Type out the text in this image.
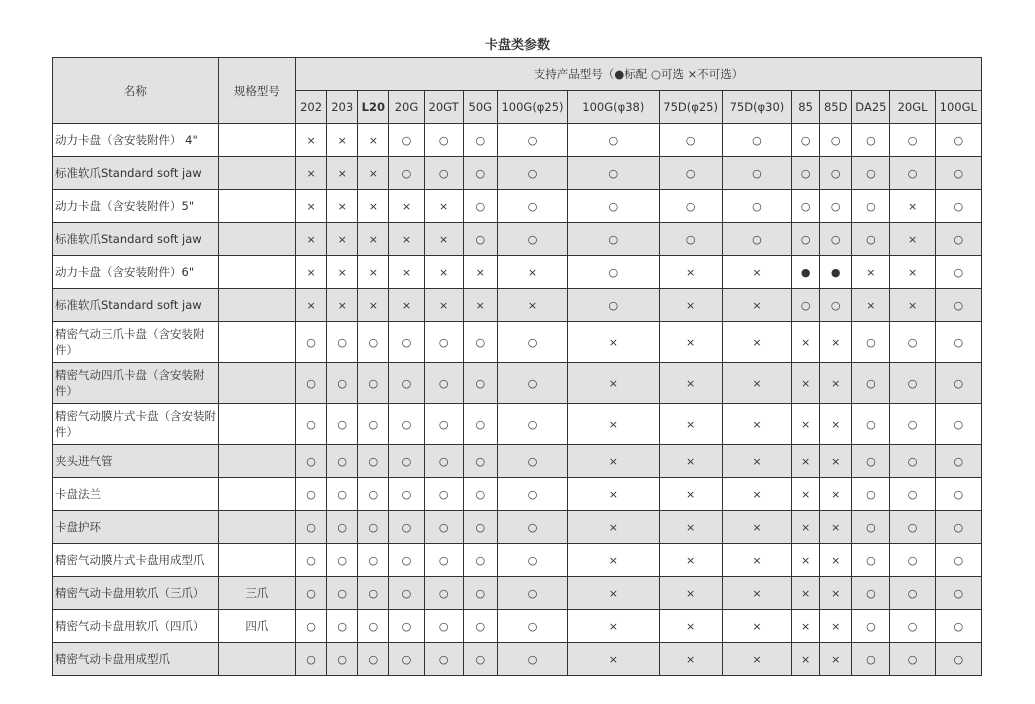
卡盘类参数
名称	规格型号	支持产品型号（●标配 ○可选 ×不可选）														
		202	203	L20	20G	20GT	50G	100G(φ25)	100G(φ38)	75D(φ25)	75D(φ30)	85	85D	DA25	20GL	100GL
动力卡盘（含安装附件） 4"		×	×	×	○	○	○	○	○	○	○	○	○	○	○	○
标准软爪Standard soft jaw		×	×	×	○	○	○	○	○	○	○	○	○	○	○	○
动力卡盘（含安装附件）5"		×	×	×	×	×	○	○	○	○	○	○	○	○	×	○
标准软爪Standard soft jaw		×	×	×	×	×	○	○	○	○	○	○	○	○	×	○
动力卡盘（含安装附件）6"		×	×	×	×	×	×	×	○	×	×	●	●	×	×	○
标准软爪Standard soft jaw		×	×	×	×	×	×	×	○	×	×	○	○	×	×	○
精密气动三爪卡盘（含安装附件）		○	○	○	○	○	○	○	×	×	×	×	×	○	○	○
精密气动四爪卡盘（含安装附件）		○	○	○	○	○	○	○	×	×	×	×	×	○	○	○
精密气动膜片式卡盘（含安装附件）		○	○	○	○	○	○	○	×	×	×	×	×	○	○	○
夹头进气管		○	○	○	○	○	○	○	×	×	×	×	×	○	○	○
卡盘法兰		○	○	○	○	○	○	○	×	×	×	×	×	○	○	○
卡盘护环		○	○	○	○	○	○	○	×	×	×	×	×	○	○	○
精密气动膜片式卡盘用成型爪		○	○	○	○	○	○	○	×	×	×	×	×	○	○	○
精密气动卡盘用软爪（三爪）	三爪	○	○	○	○	○	○	○	×	×	×	×	×	○	○	○
精密气动卡盘用软爪（四爪）	四爪	○	○	○	○	○	○	○	×	×	×	×	×	○	○	○
精密气动卡盘用成型爪		○	○	○	○	○	○	○	×	×	×	×	×	○	○	○
